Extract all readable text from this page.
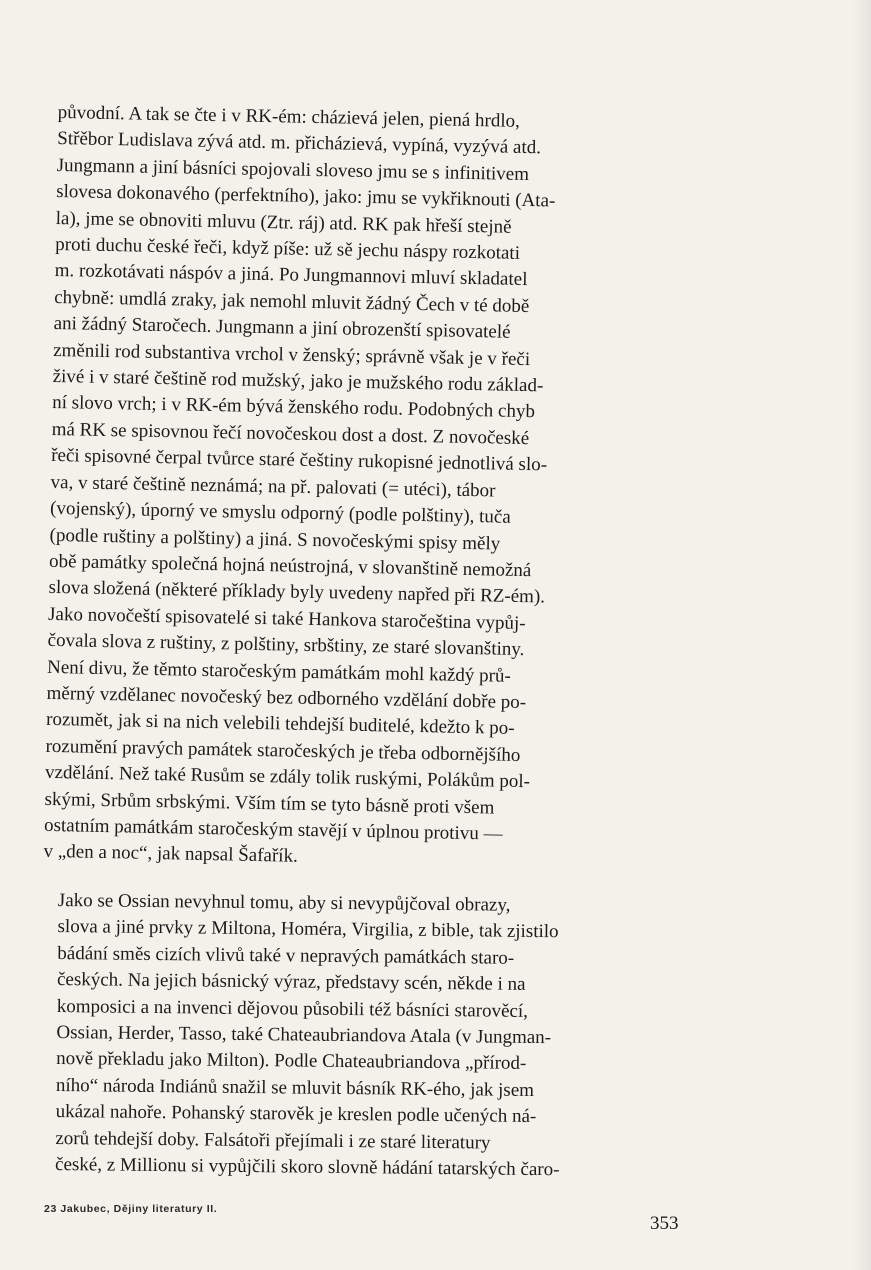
původní. A tak se čte i v RK-ém: cházievá jelen, piená hrdlo,
Střěbor Ludislava zývá atd. m. přicházievá, vypíná, vyzývá atd.
Jungmann a jiní básníci spojovali sloveso jmu se s infinitivem
slovesa dokonavého (perfektního), jako: jmu se vykřiknouti (Ata-
la), jme se obnoviti mluvu (Ztr. ráj) atd. RK pak hřeší stejně
proti duchu české řeči, když píše: už sě jechu náspy rozkotati
m. rozkotávati náspóv a jiná. Po Jungmannovi mluví skladatel
chybně: umdlá zraky, jak nemohl mluvit žádný Čech v té době
ani žádný Staročech. Jungmann a jiní obrozenští spisovatelé
změnili rod substantiva vrchol v ženský; správně však je v řeči
živé i v staré češtině rod mužský, jako je mužského rodu základ-
ní slovo vrch; i v RK-ém bývá ženského rodu. Podobných chyb
má RK se spisovnou řečí novočeskou dost a dost. Z novočeské
řeči spisovné čerpal tvůrce staré češtiny rukopisné jednotlivá slo-
va, v staré češtině neznámá; na př. palovati (= utéci), tábor
(vojenský), úporný ve smyslu odporný (podle polštiny), tuča
(podle ruštiny a polštiny) a jiná. S novočeskými spisy měly
obě památky společná hojná neústrojná, v slovanštině nemožná
slova složená (některé příklady byly uvedeny napřed při RZ-ém).
Jako novočeští spisovatelé si také Hankova staročeština vypůj-
čovala slova z ruštiny, z polštiny, srbštiny, ze staré slovanštiny.
Není divu, že těmto staročeským památkám mohl každý prů-
měrný vzdělanec novočeský bez odborného vzdělání dobře po-
rozumět, jak si na nich velebili tehdejší buditelé, kdežto k po-
rozumění pravých památek staročeských je třeba odbornějšího
vzdělání. Než také Rusům se zdály tolik ruskými, Polákům pol-
skými, Srbům srbskými. Vším tím se tyto básně proti všem
ostatním památkám staročeským stavějí v úplnou protivu —
v „den a noc“, jak napsal Šafařík.
Jako se Ossian nevyhnul tomu, aby si nevypůjčoval obrazy,
slova a jiné prvky z Miltona, Homéra, Virgilia, z bible, tak zjistilo
bádání směs cizích vlivů také v nepravých památkách staro-
českých. Na jejich básnický výraz, představy scén, někde i na
komposici a na invenci dějovou působili též básníci starověcí,
Ossian, Herder, Tasso, také Chateaubriandova Atala (v Jungman-
nově překladu jako Milton). Podle Chateaubriandova „přírod-
ního“ národa Indiánů snažil se mluvit básník RK-ého, jak jsem
ukázal nahoře. Pohanský starověk je kreslen podle učených ná-
zorů tehdejší doby. Falsátoři přejímali i ze staré literatury
české, z Millionu si vypůjčili skoro slovně hádání tatarských čaro-
23 Jakubec, Dějiny literatury II.
353
